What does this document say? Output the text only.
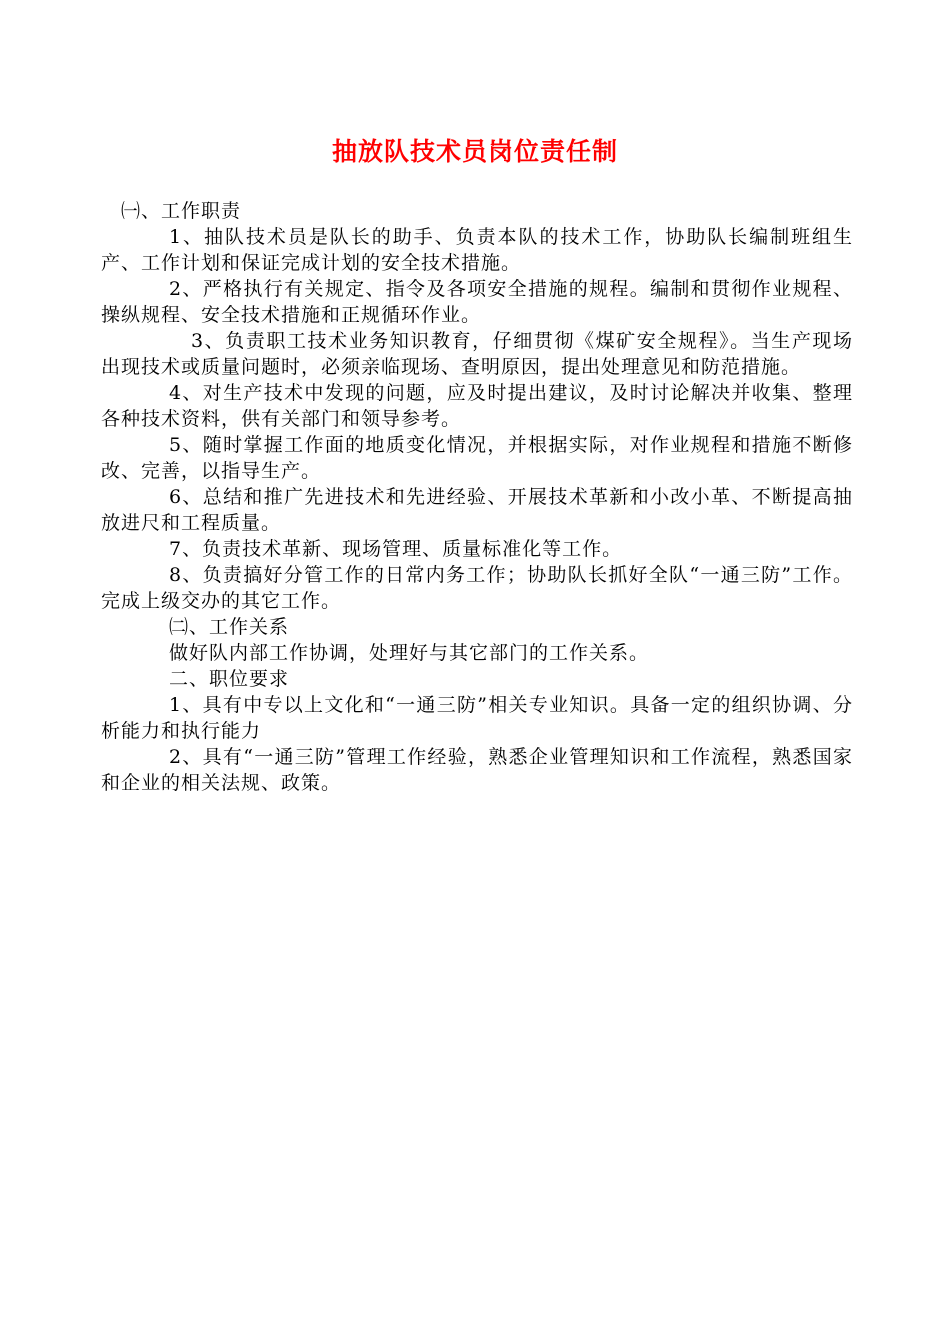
抽放队技术员岗位责任制

㈠、工作职责

1、抽队技术员是队长的助手、负责本队的技术工作，协助队长编制班组生产、工作计划和保证完成计划的安全技术措施。

2、严格执行有关规定、指令及各项安全措施的规程。编制和贯彻作业规程、操纵规程、安全技术措施和正规循环作业。

3、负责职工技术业务知识教育，仔细贯彻《煤矿安全规程》。当生产现场出现技术或质量问题时，必须亲临现场、查明原因，提出处理意见和防范措施。

4、对生产技术中发现的问题，应及时提出建议，及时讨论解决并收集、整理各种技术资料，供有关部门和领导参考。

5、随时掌握工作面的地质变化情况，并根据实际，对作业规程和措施不断修改、完善，以指导生产。

6、总结和推广先进技术和先进经验、开展技术革新和小改小革、不断提高抽放进尺和工程质量。

7、负责技术革新、现场管理、质量标准化等工作。

8、负责搞好分管工作的日常内务工作；协助队长抓好全队“一通三防”工作。完成上级交办的其它工作。

㈡、工作关系

做好队内部工作协调，处理好与其它部门的工作关系。

二、职位要求

1、具有中专以上文化和“一通三防”相关专业知识。具备一定的组织协调、分析能力和执行能力

2、具有“一通三防”管理工作经验，熟悉企业管理知识和工作流程，熟悉国家和企业的相关法规、政策。
